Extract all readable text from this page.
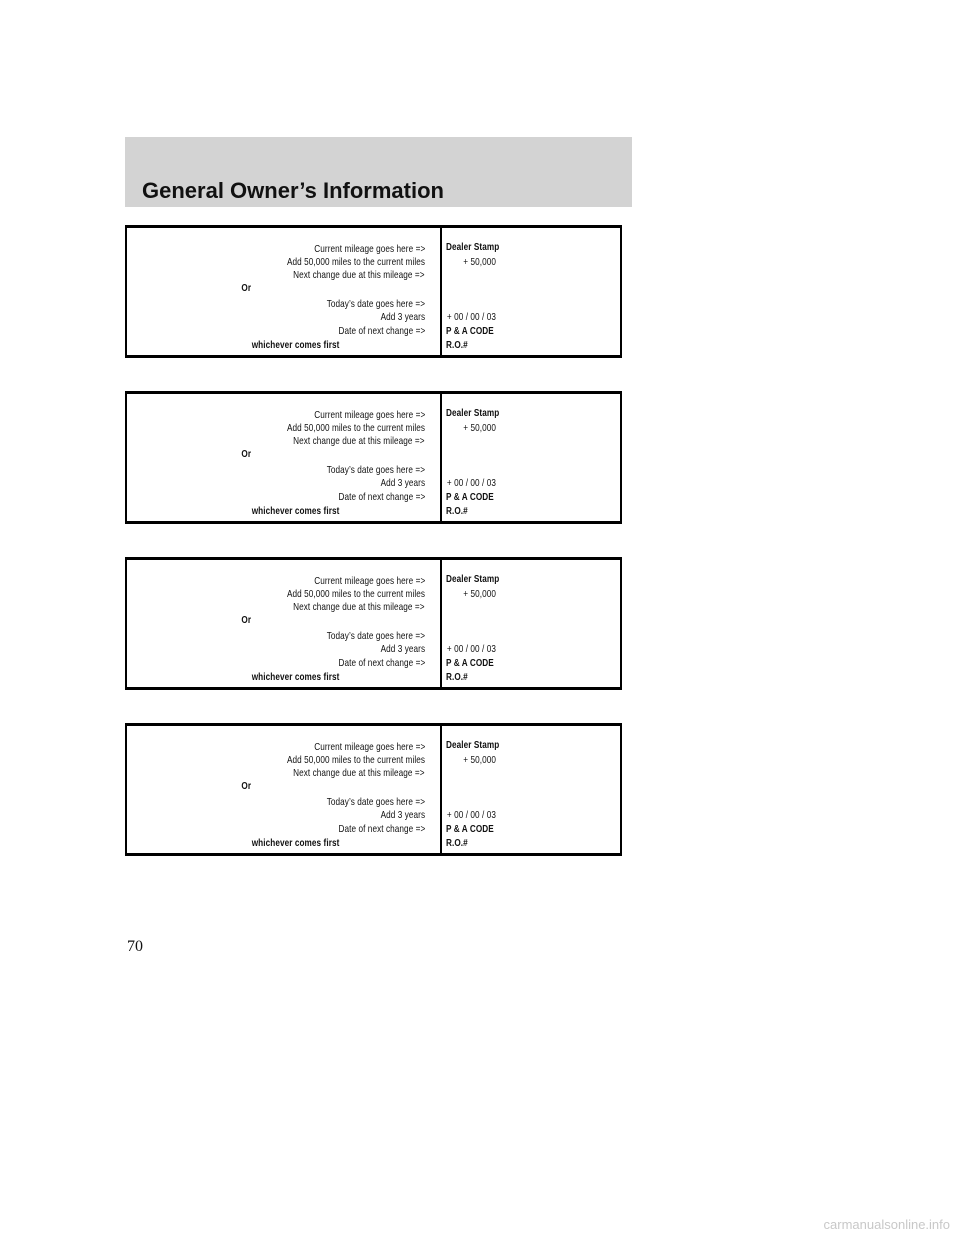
General Owner’s Information
Current mileage goes here =>
Add 50,000 miles to the current miles	+ 50,000
Next change due at this mileage =>
Or
Today’s date goes here =>
Add 3 years + 00 / 00 / 03
Date of next change =>
whichever comes first
Dealer Stamp
P & A CODE
R.O.#
Current mileage goes here =>
Add 50,000 miles to the current miles	+ 50,000
Next change due at this mileage =>
Or
Today’s date goes here =>
Add 3 years + 00 / 00 / 03
Date of next change =>
whichever comes first
Dealer Stamp
P & A CODE
R.O.#
Current mileage goes here =>
Add 50,000 miles to the current miles	+ 50,000
Next change due at this mileage =>
Or
Today’s date goes here =>
Add 3 years + 00 / 00 / 03
Date of next change =>
whichever comes first
Dealer Stamp
P & A CODE
R.O.#
Current mileage goes here =>
Add 50,000 miles to the current miles	+ 50,000
Next change due at this mileage =>
Or
Today’s date goes here =>
Add 3 years + 00 / 00 / 03
Date of next change =>
whichever comes first
Dealer Stamp
P & A CODE
R.O.#
70
carmanualsonline.info
